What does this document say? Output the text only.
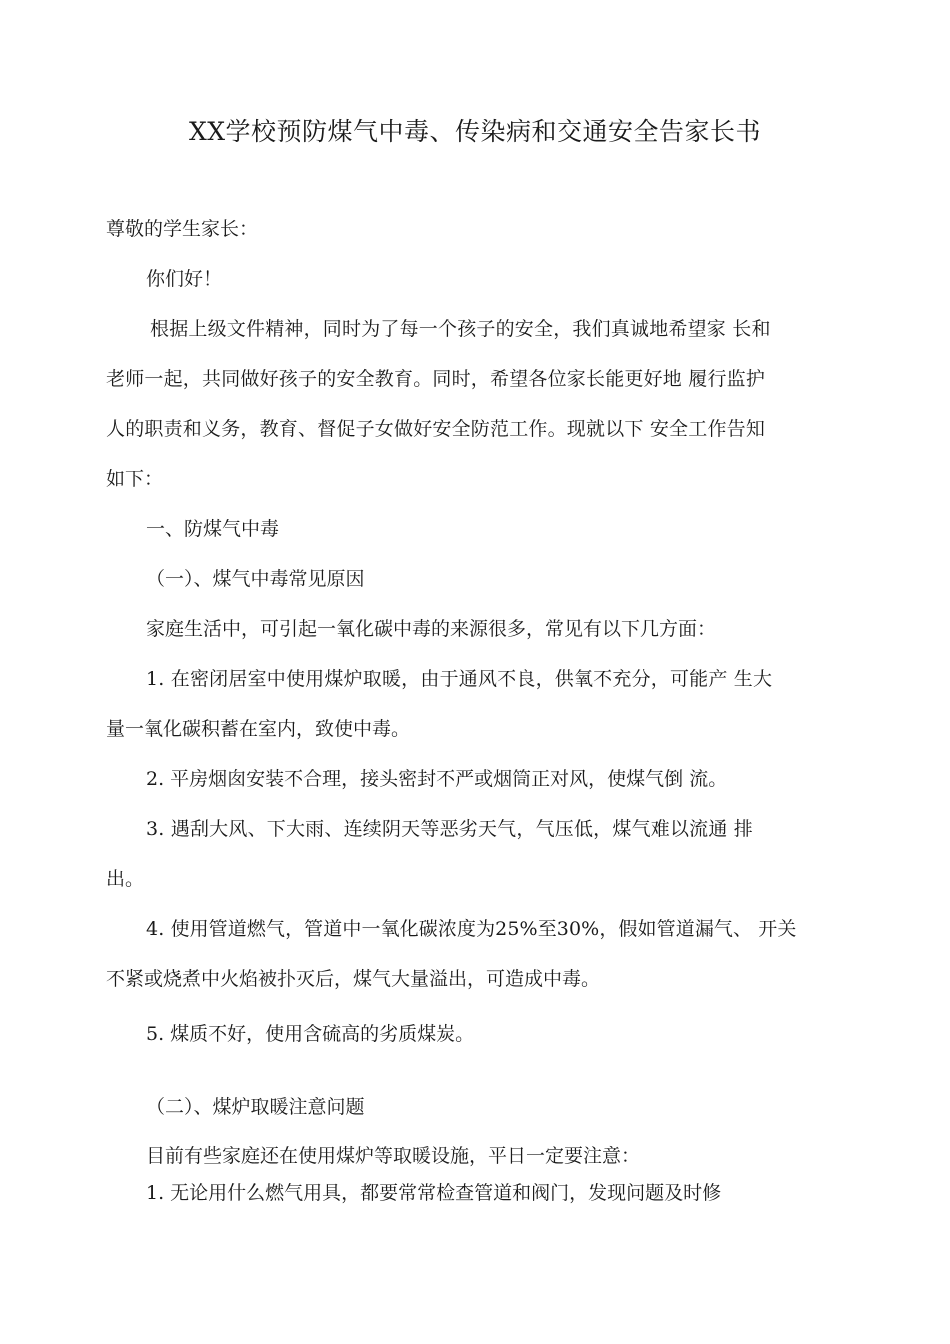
XX学校预防煤气中毒、传染病和交通安全告家长书
尊敬的学生家长：
你们好！
根据上级文件精神，同时为了每一个孩子的安全，我们真诚地希望家 长和
老师一起，共同做好孩子的安全教育。同时，希望各位家长能更好地 履行监护
人的职责和义务，教育、督促子女做好安全防范工作。现就以下 安全工作告知
如下：
一、防煤气中毒
（一）、煤气中毒常见原因
家庭生活中，可引起一氧化碳中毒的来源很多，常见有以下几方面：
1. 在密闭居室中使用煤炉取暖，由于通风不良，供氧不充分，可能产 生大
量一氧化碳积蓄在室内，致使中毒。
2. 平房烟囱安装不合理，接头密封不严或烟筒正对风，使煤气倒 流。
3. 遇刮大风、下大雨、连续阴天等恶劣天气，气压低，煤气难以流通 排
出。
4. 使用管道燃气，管道中一氧化碳浓度为25%至30%，假如管道漏气、 开关
不紧或烧煮中火焰被扑灭后，煤气大量溢出，可造成中毒。
5. 煤质不好，使用含硫高的劣质煤炭。
（二）、煤炉取暖注意问题
目前有些家庭还在使用煤炉等取暖设施，平日一定要注意：
1. 无论用什么燃气用具，都要常常检查管道和阀门，发现问题及时修
